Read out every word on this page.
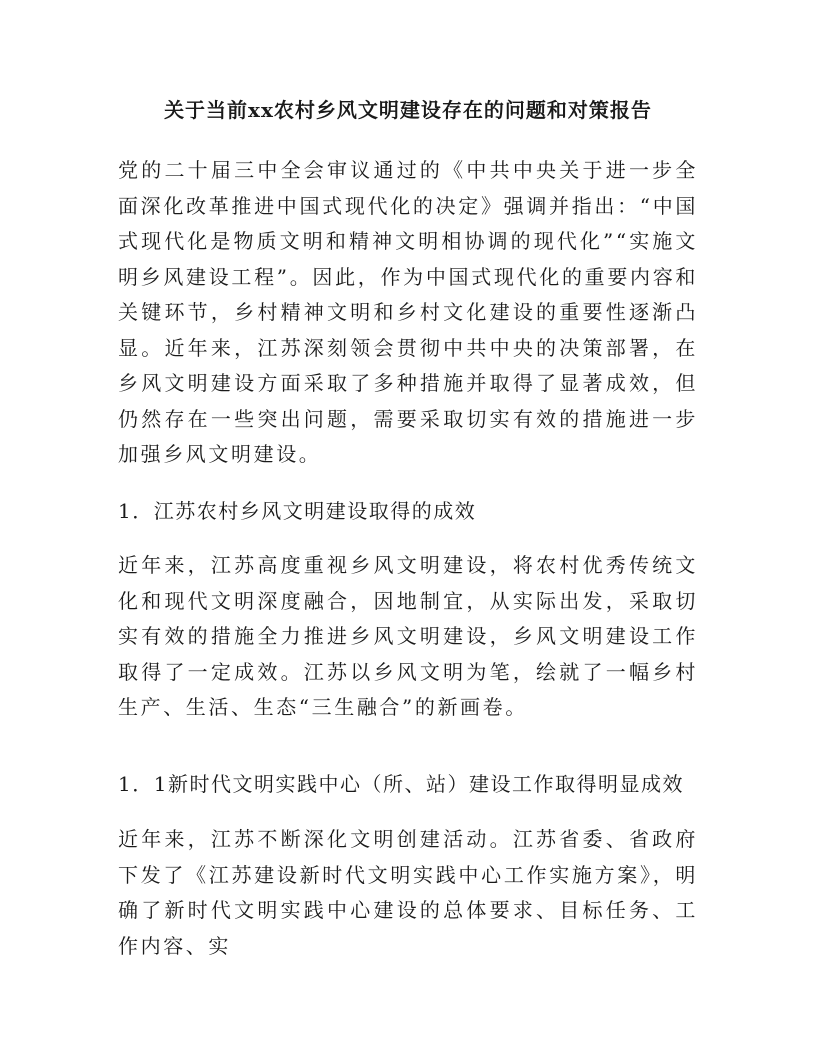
关于当前xx农村乡风文明建设存在的问题和对策报告

党的二十届三中全会审议通过的《中共中央关于进一步全面深化改革推进中国式现代化的决定》强调并指出：“中国式现代化是物质文明和精神文明相协调的现代化”“实施文明乡风建设工程”。因此，作为中国式现代化的重要内容和关键环节，乡村精神文明和乡村文化建设的重要性逐渐凸显。近年来，江苏深刻领会贯彻中共中央的决策部署，在乡风文明建设方面采取了多种措施并取得了显著成效，但仍然存在一些突出问题，需要采取切实有效的措施进一步加强乡风文明建设。

1．江苏农村乡风文明建设取得的成效

近年来，江苏高度重视乡风文明建设，将农村优秀传统文化和现代文明深度融合，因地制宜，从实际出发，采取切实有效的措施全力推进乡风文明建设，乡风文明建设工作取得了一定成效。江苏以乡风文明为笔，绘就了一幅乡村生产、生活、生态“三生融合”的新画卷。

1．1新时代文明实践中心（所、站）建设工作取得明显成效

近年来，江苏不断深化文明创建活动。江苏省委、省政府下发了《江苏建设新时代文明实践中心工作实施方案》，明确了新时代文明实践中心建设的总体要求、目标任务、工作内容、实
